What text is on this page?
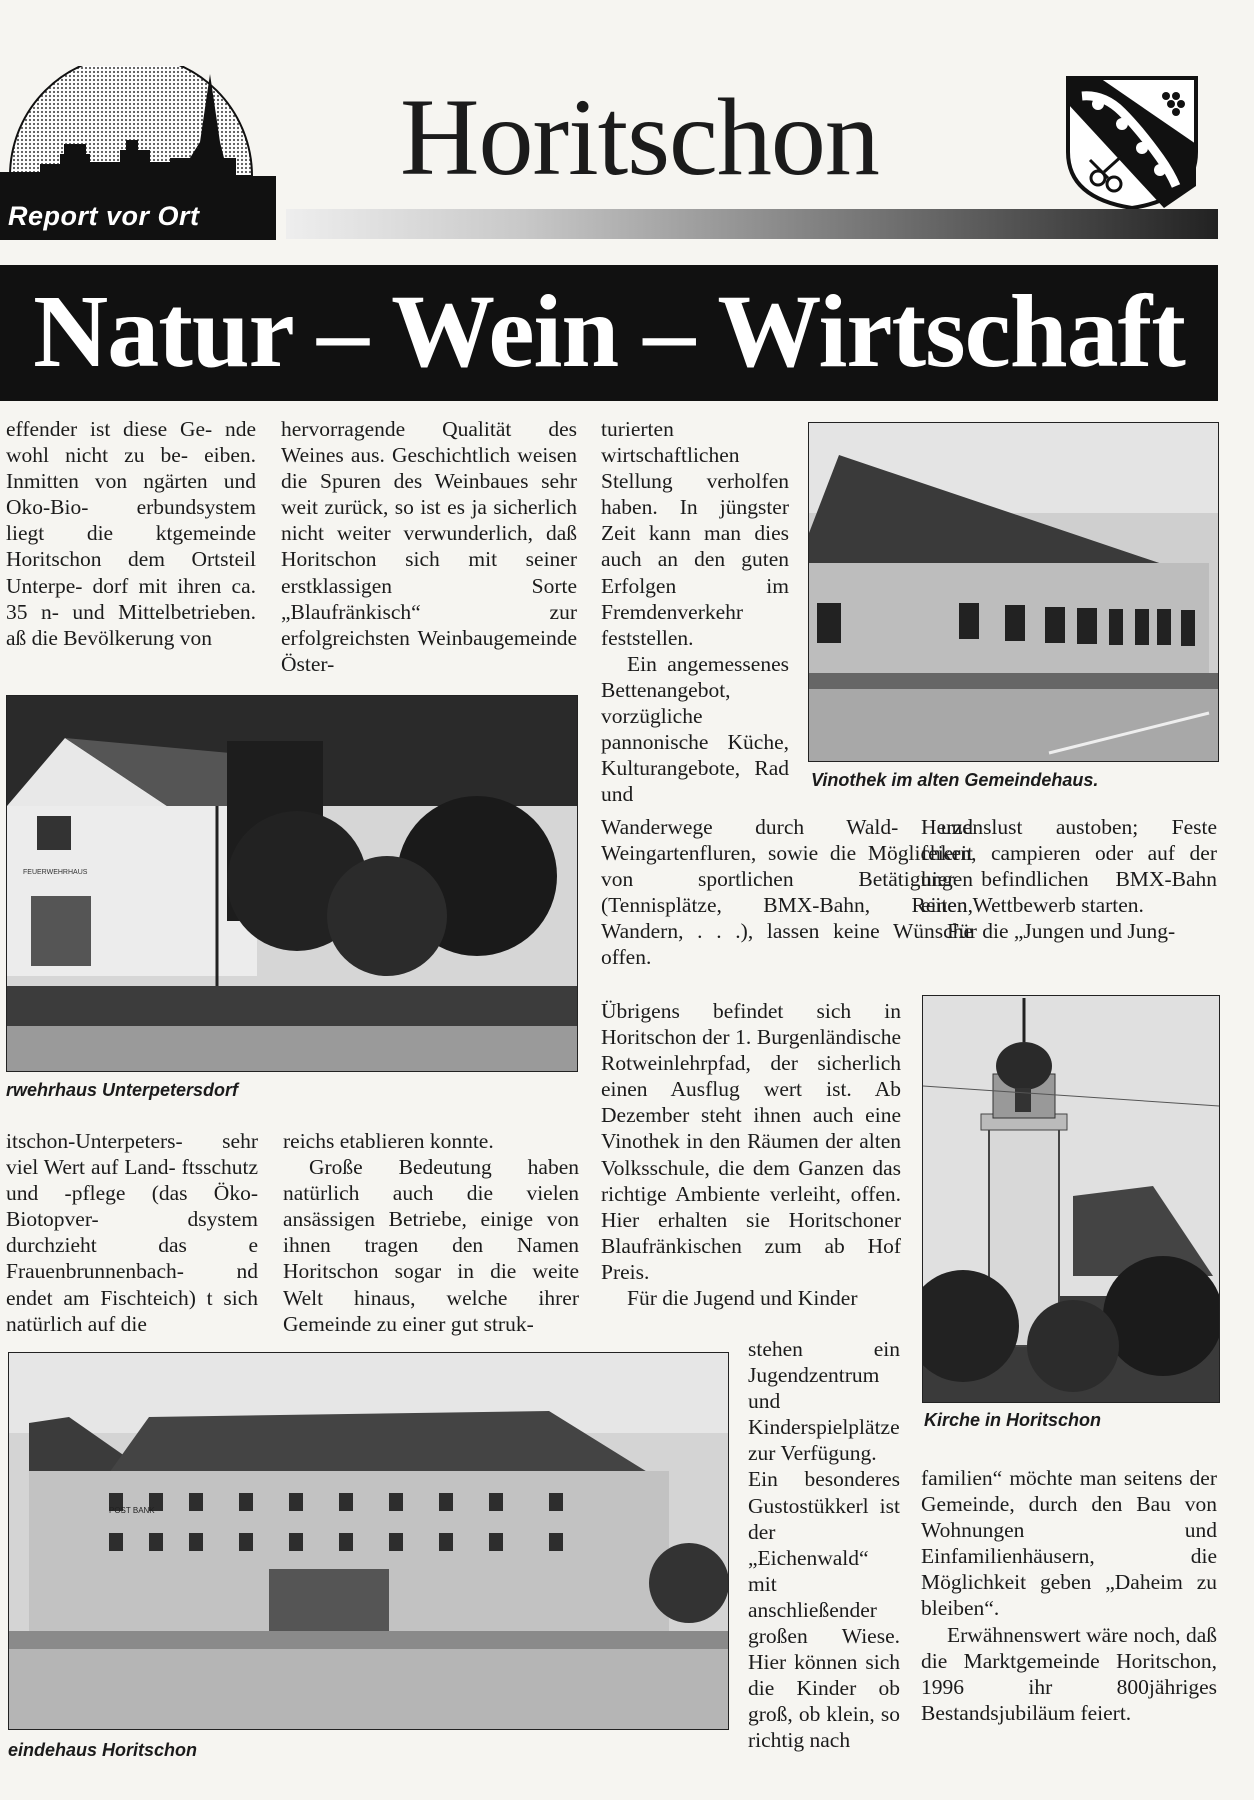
Report vor Ort
Horitschon
Natur – Wein – Wirtschaft

effender ist diese Ge- nde wohl nicht zu be- eiben. Inmitten von ngärten und Oko-Bio- erbundsystem liegt die ktgemeinde Horitschon dem Ortsteil Unterpe- dorf mit ihren ca. 35 n- und Mittelbetrieben. aß die Bevölkerung von

hervorragende Qualität des Weines aus. Geschichtlich weisen die Spuren des Weinbaues sehr weit zurück, so ist es ja sicherlich nicht weiter verwunderlich, daß Horitschon sich mit seiner erstklassigen Sorte „Blaufränkisch“ zur erfolgreichsten Weinbaugemeinde Öster-

turierten wirtschaftlichen Stellung verholfen haben. In jüngster Zeit kann man dies auch an den guten Erfolgen im Fremdenverkehr feststellen.

Ein angemessenes Bettenangebot, vorzügliche pannonische Küche, Kulturangebote, Rad und

Vinothek im alten Gemeindehaus.
FEUERWEHRHAUS
rwehrhaus Unterpetersdorf

Wanderwege durch Wald- und Weingartenfluren, sowie die Möglichkeit von sportlichen Betätigungen (Tennisplätze, BMX-Bahn, Reiten, Wandern, . . .), lassen keine Wünsche offen.

Übrigens befindet sich in Horitschon der 1. Burgenländische Rotweinlehrpfad, der sicherlich einen Ausflug wert ist. Ab Dezember steht ihnen auch eine Vinothek in den Räumen der alten Volksschule, die dem Ganzen das richtige Ambiente verleiht, offen. Hier erhalten sie Horitschoner Blaufränkischen zum ab Hof Preis.

Für die Jugend und Kinder

stehen ein Jugendzentrum und Kinderspielplätze zur Verfügung.

Ein besonderes Gustostükkerl ist der „Eichenwald“ mit anschließender großen Wiese. Hier können sich die Kinder ob groß, ob klein, so richtig nach

Herzenslust austoben; Feste feiern, campieren oder auf der hier befindlichen BMX-Bahn einen Wettbewerb starten.

Für die „Jungen und Jung-

Kirche in Horitschon

familien“ möchte man seitens der Gemeinde, durch den Bau von Wohnungen und Einfamilienhäusern, die Möglichkeit geben „Daheim zu bleiben“.

Erwähnenswert wäre noch, daß die Marktgemeinde Horitschon, 1996 ihr 800jähriges Bestandsjubiläum feiert.

itschon-Unterpeters- sehr viel Wert auf Land- ftsschutz und -pflege (das Öko-Biotopver- dsystem durchzieht das e Frauenbrunnenbach- nd endet am Fischteich) t sich natürlich auf die

reichs etablieren konnte.

Große Bedeutung haben natürlich auch die vielen ansässigen Betriebe, einige von ihnen tragen den Namen Horitschon sogar in die weite Welt hinaus, welche ihrer Gemeinde zu einer gut struk-

POST BANK
eindehaus Horitschon
